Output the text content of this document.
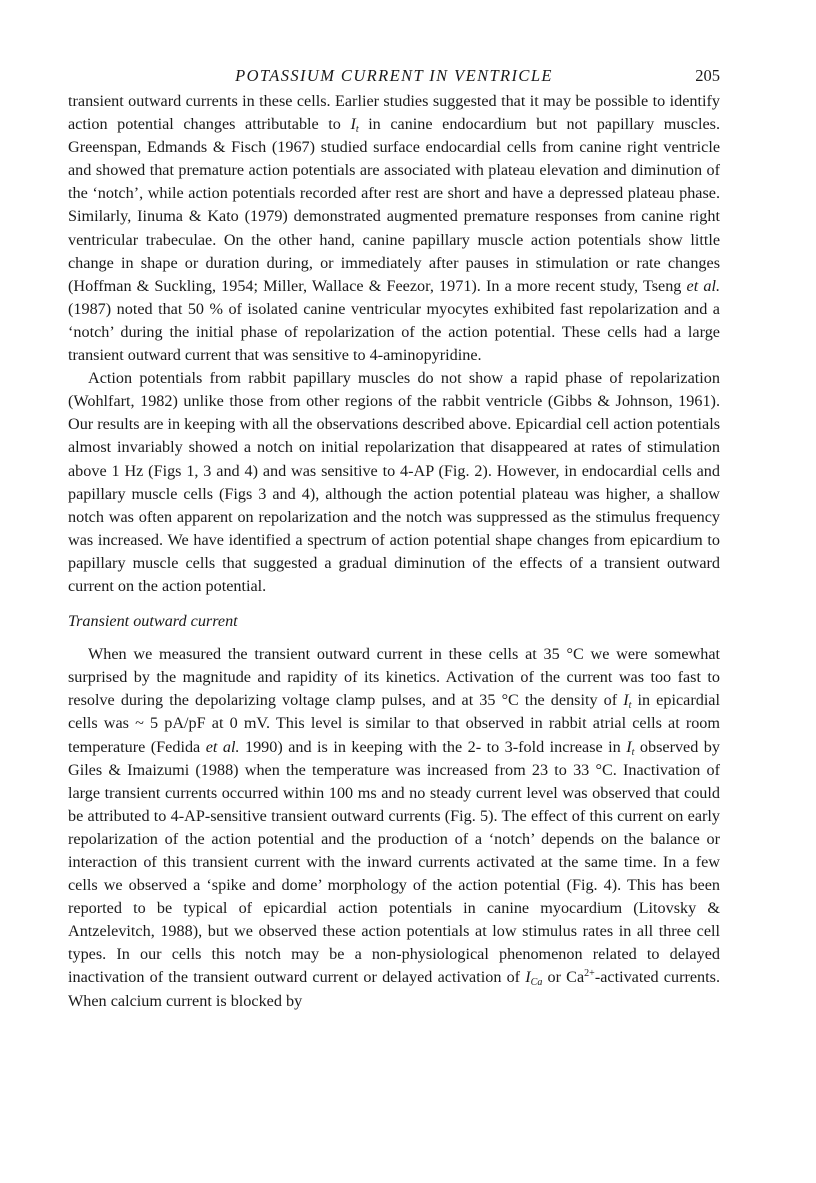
POTASSIUM CURRENT IN VENTRICLE	205

transient outward currents in these cells. Earlier studies suggested that it may be possible to identify action potential changes attributable to $I_t$ in canine endocardium but not papillary muscles. Greenspan, Edmands & Fisch (1967) studied surface endocardial cells from canine right ventricle and showed that premature action potentials are associated with plateau elevation and diminution of the ‘notch’, while action potentials recorded after rest are short and have a depressed plateau phase. Similarly, Iinuma & Kato (1979) demonstrated augmented premature responses from canine right ventricular trabeculae. On the other hand, canine papillary muscle action potentials show little change in shape or duration during, or immediately after pauses in stimulation or rate changes (Hoffman & Suckling, 1954; Miller, Wallace & Feezor, 1971). In a more recent study, Tseng et al. (1987) noted that 50 % of isolated canine ventricular myocytes exhibited fast repolarization and a ‘notch’ during the initial phase of repolarization of the action potential. These cells had a large transient outward current that was sensitive to 4-aminopyridine.

Action potentials from rabbit papillary muscles do not show a rapid phase of repolarization (Wohlfart, 1982) unlike those from other regions of the rabbit ventricle (Gibbs & Johnson, 1961). Our results are in keeping with all the observations described above. Epicardial cell action potentials almost invariably showed a notch on initial repolarization that disappeared at rates of stimulation above 1 Hz (Figs 1, 3 and 4) and was sensitive to 4-AP (Fig. 2). However, in endocardial cells and papillary muscle cells (Figs 3 and 4), although the action potential plateau was higher, a shallow notch was often apparent on repolarization and the notch was suppressed as the stimulus frequency was increased. We have identified a spectrum of action potential shape changes from epicardium to papillary muscle cells that suggested a gradual diminution of the effects of a transient outward current on the action potential.

Transient outward current

When we measured the transient outward current in these cells at 35 °C we were somewhat surprised by the magnitude and rapidity of its kinetics. Activation of the current was too fast to resolve during the depolarizing voltage clamp pulses, and at 35 °C the density of $I_t$ in epicardial cells was ~ 5 pA/pF at 0 mV. This level is similar to that observed in rabbit atrial cells at room temperature (Fedida et al. 1990) and is in keeping with the 2- to 3-fold increase in $I_t$ observed by Giles & Imaizumi (1988) when the temperature was increased from 23 to 33 °C. Inactivation of large transient currents occurred within 100 ms and no steady current level was observed that could be attributed to 4-AP-sensitive transient outward currents (Fig. 5). The effect of this current on early repolarization of the action potential and the production of a ‘notch’ depends on the balance or interaction of this transient current with the inward currents activated at the same time. In a few cells we observed a ‘spike and dome’ morphology of the action potential (Fig. 4). This has been reported to be typical of epicardial action potentials in canine myocardium (Litovsky & Antzelevitch, 1988), but we observed these action potentials at low stimulus rates in all three cell types. In our cells this notch may be a non-physiological phenomenon related to delayed inactivation of the transient outward current or delayed activation of $I_{Ca}$ or $Ca^{2+}$-activated currents. When calcium current is blocked by
